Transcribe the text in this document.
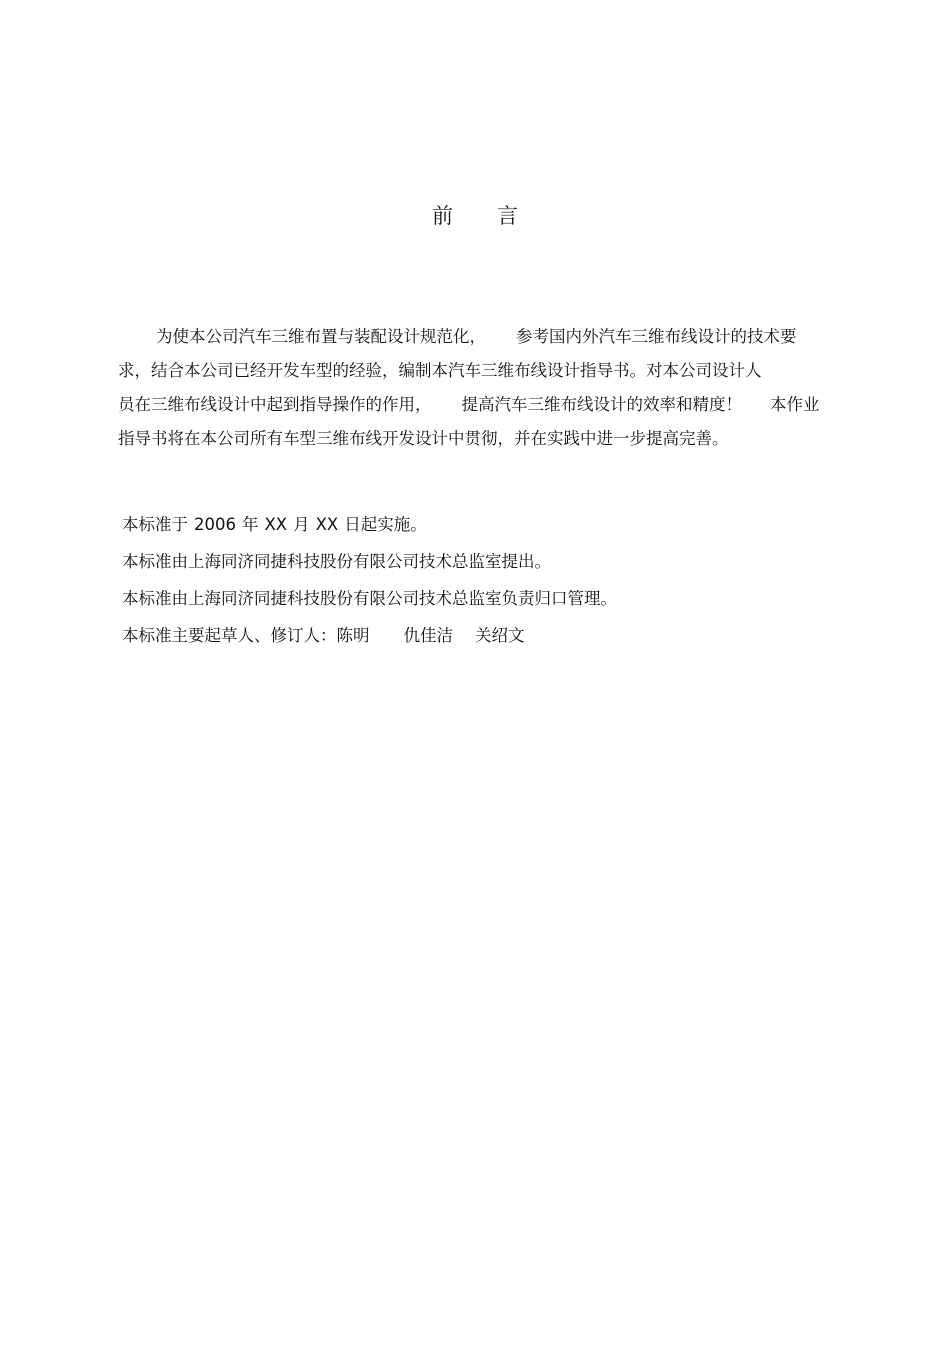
前 言
为使本公司汽车三维布置与装配设计规范化， 参考国内外汽车三维布线设计的技术要
求，结合本公司已经开发车型的经验，编制本汽车三维布线设计指导书。对本公司设计人
员在三维布线设计中起到指导操作的作用， 提高汽车三维布线设计的效率和精度！ 本作业
指导书将在本公司所有车型三维布线开发设计中贯彻，并在实践中进一步提高完善。
本标准于 2006 年 XX 月 XX 日起实施。
本标准由上海同济同捷科技股份有限公司技术总监室提出。
本标准由上海同济同捷科技股份有限公司技术总监室负责归口管理。
本标准主要起草人、修订人：陈明 仇佳洁 关绍文
